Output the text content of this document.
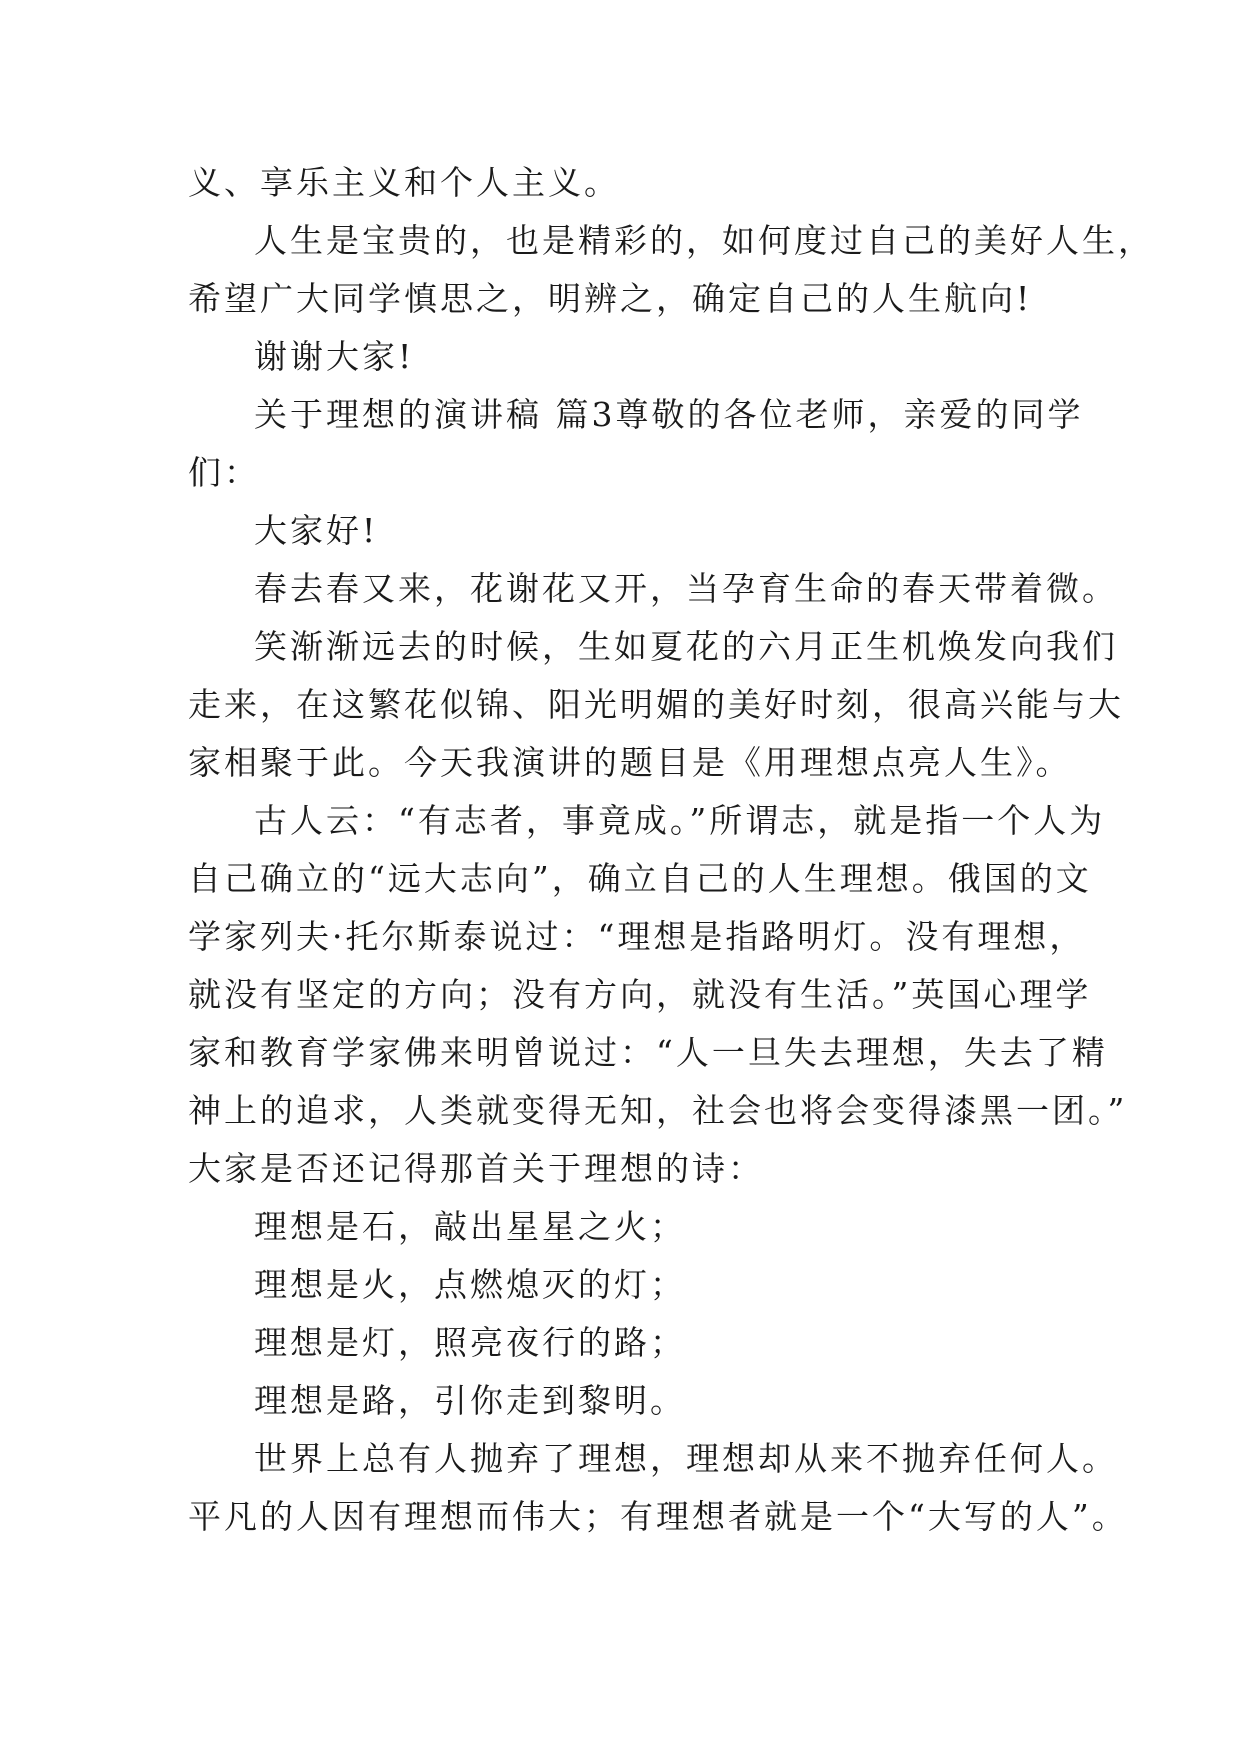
义、享乐主义和个人主义。
人生是宝贵的，也是精彩的，如何度过自己的美好人生，
希望广大同学慎思之，明辨之，确定自己的人生航向!
谢谢大家!
关于理想的演讲稿 篇3尊敬的各位老师，亲爱的同学
们：
大家好!
春去春又来，花谢花又开，当孕育生命的春天带着微。
笑渐渐远去的时候，生如夏花的六月正生机焕发向我们
走来，在这繁花似锦、阳光明媚的美好时刻，很高兴能与大
家相聚于此。今天我演讲的题目是《用理想点亮人生》。
古人云：“有志者，事竟成。”所谓志，就是指一个人为
自己确立的“远大志向”，确立自己的人生理想。俄国的文
学家列夫·托尔斯泰说过：“理想是指路明灯。没有理想，
就没有坚定的方向；没有方向，就没有生活。”英国心理学
家和教育学家佛来明曾说过：“人一旦失去理想，失去了精
神上的追求，人类就变得无知，社会也将会变得漆黑一团。”
大家是否还记得那首关于理想的诗：
理想是石，敲出星星之火；
理想是火，点燃熄灭的灯；
理想是灯，照亮夜行的路；
理想是路，引你走到黎明。
世界上总有人抛弃了理想，理想却从来不抛弃任何人。
平凡的人因有理想而伟大；有理想者就是一个“大写的人”。
